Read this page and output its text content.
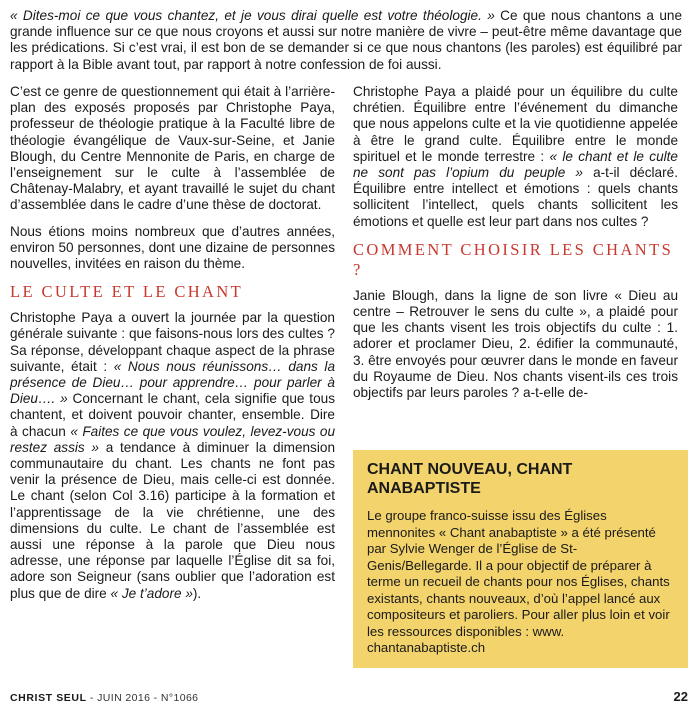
« Dites-moi ce que vous chantez, et je vous dirai quelle est votre théologie. » Ce que nous chantons a une grande influence sur ce que nous croyons et aussi sur notre manière de vivre – peut-être même davantage que les prédications. Si c’est vrai, il est bon de se demander si ce que nous chantons (les paroles) est équilibré par rapport à la Bible avant tout, par rapport à notre confession de foi aussi.

C’est ce genre de questionnement qui était à l’arrière-plan des exposés proposés par Christophe Paya, professeur de théologie pratique à la Faculté libre de théologie évangélique de Vaux-sur-Seine, et Janie Blough, du Centre Mennonite de Paris, en charge de l’enseignement sur le culte à l’assemblée de Châtenay-Malabry, et ayant travaillé le sujet du chant d’assemblée dans le cadre d’une thèse de doctorat.

Nous étions moins nombreux que d’autres années, environ 50 personnes, dont une dizaine de personnes nouvelles, invitées en raison du thème.

LE CULTE ET LE CHANT

Christophe Paya a ouvert la journée par la question générale suivante : que faisons-nous lors des cultes ? Sa réponse, développant chaque aspect de la phrase suivante, était : « Nous nous réunissons… dans la présence de Dieu… pour apprendre… pour parler à Dieu…. » Concernant le chant, cela signifie que tous chantent, et doivent pouvoir chanter, ensemble. Dire à chacun « Faites ce que vous voulez, levez-vous ou restez assis » a tendance à diminuer la dimension communautaire du chant. Les chants ne font pas venir la présence de Dieu, mais celle-ci est donnée. Le chant (selon Col 3.16) participe à la formation et l’apprentissage de la vie chrétienne, une des dimensions du culte. Le chant de l’assemblée est aussi une réponse à la parole que Dieu nous adresse, une réponse par laquelle l’Église dit sa foi, adore son Seigneur (sans oublier que l’adoration est plus que de dire « Je t’adore »).

Christophe Paya a plaidé pour un équilibre du culte chrétien. Équilibre entre l’événement du dimanche que nous appelons culte et la vie quotidienne appelée à être le grand culte. Équilibre entre le monde spirituel et le monde terrestre : « le chant et le culte ne sont pas l’opium du peuple » a-t-il déclaré. Équilibre entre intellect et émotions : quels chants sollicitent l’intellect, quels chants sollicitent les émotions et quelle est leur part dans nos cultes ?

COMMENT CHOISIR LES CHANTS ?

Janie Blough, dans la ligne de son livre « Dieu au centre – Retrouver le sens du culte », a plaidé pour que les chants visent les trois objectifs du culte : 1. adorer et proclamer Dieu, 2. édifier la communauté, 3. être envoyés pour œuvrer dans le monde en faveur du Royaume de Dieu. Nos chants visent-ils ces trois objectifs par leurs paroles ? a-t-elle de-

CHANT NOUVEAU, CHANT ANABAPTISTE

Le groupe franco-suisse issu des Églises mennonites « Chant anabaptiste » a été présenté par Sylvie Wenger de l’Église de St-Genis/Bellegarde. Il a pour objectif de préparer à terme un recueil de chants pour nos Églises, chants existants, chants nouveaux, d’où l’appel lancé aux compositeurs et paroliers. Pour aller plus loin et voir les ressources disponibles : www. chantanabaptiste.ch

CHRIST SEUL - JUIN 2016 - N°1066	22
